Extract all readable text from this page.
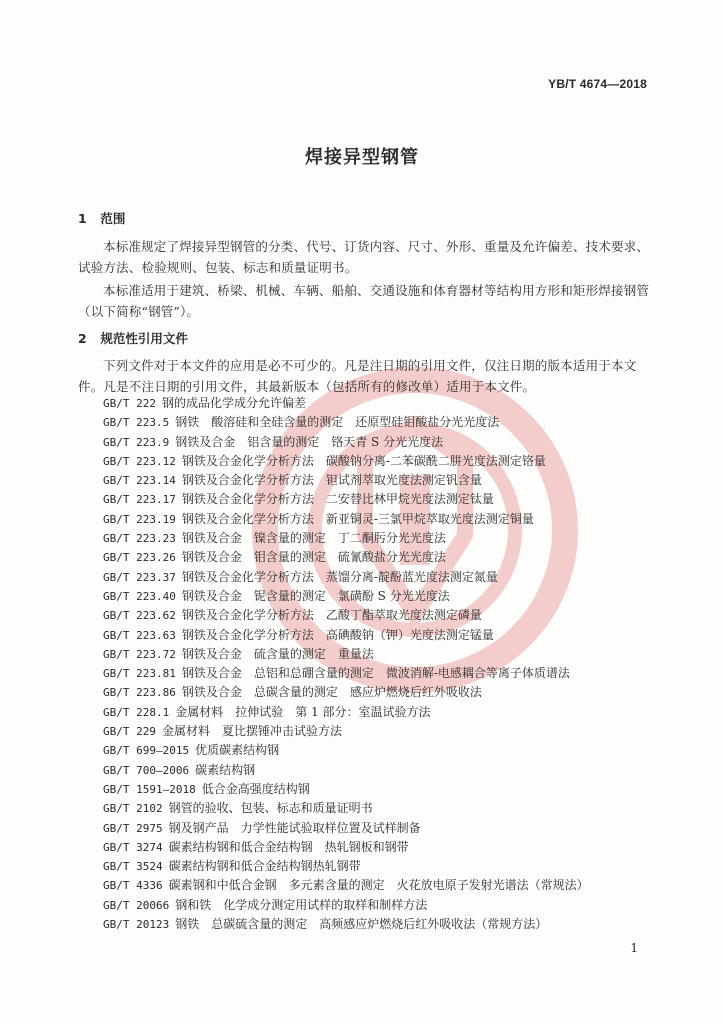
YB/T 4674—2018
焊接异型钢管
1 范围
本标准规定了焊接异型钢管的分类、代号、订货内容、尺寸、外形、重量及允许偏差、技术要求、试验方法、检验规则、包装、标志和质量证明书。
本标准适用于建筑、桥梁、机械、车辆、船舶、交通设施和体育器材等结构用方形和矩形焊接钢管（以下简称“钢管”）。
2 规范性引用文件
下列文件对于本文件的应用是必不可少的。凡是注日期的引用文件，仅注日期的版本适用于本文件。凡是不注日期的引用文件，其最新版本（包括所有的修改单）适用于本文件。
GB/T 222 钢的成品化学成分允许偏差
GB/T 223.5 钢铁　酸溶硅和全硅含量的测定　还原型硅钼酸盐分光光度法
GB/T 223.9 钢铁及合金　铝含量的测定　铬天青 S 分光光度法
GB/T 223.12 钢铁及合金化学分析方法　碳酸钠分离-二苯碳酰二肼光度法测定铬量
GB/T 223.14 钢铁及合金化学分析方法　钽试剂萃取光度法测定钒含量
GB/T 223.17 钢铁及合金化学分析方法　二安替比林甲烷光度法测定钛量
GB/T 223.19 钢铁及合金化学分析方法　新亚铜灵-三氯甲烷萃取光度法测定铜量
GB/T 223.23 钢铁及合金　镍含量的测定　丁二酮肟分光光度法
GB/T 223.26 钢铁及合金　钼含量的测定　硫氰酸盐分光光度法
GB/T 223.37 钢铁及合金化学分析方法　蒸馏分离-靛酚蓝光度法测定氮量
GB/T 223.40 钢铁及合金　铌含量的测定　氯磺酚 S 分光光度法
GB/T 223.62 钢铁及合金化学分析方法　乙酸丁酯萃取光度法测定磷量
GB/T 223.63 钢铁及合金化学分析方法　高碘酸钠（钾）光度法测定锰量
GB/T 223.72 钢铁及合金　硫含量的测定　重量法
GB/T 223.81 钢铁及合金　总铝和总硼含量的测定　微波消解-电感耦合等离子体质谱法
GB/T 223.86 钢铁及合金　总碳含量的测定　感应炉燃烧后红外吸收法
GB/T 228.1 金属材料　拉伸试验　第 1 部分：室温试验方法
GB/T 229 金属材料　夏比摆锤冲击试验方法
GB/T 699—2015 优质碳素结构钢
GB/T 700—2006 碳素结构钢
GB/T 1591—2018 低合金高强度结构钢
GB/T 2102 钢管的验收、包装、标志和质量证明书
GB/T 2975 钢及钢产品　力学性能试验取样位置及试样制备
GB/T 3274 碳素结构钢和低合金结构钢　热轧钢板和钢带
GB/T 3524 碳素结构钢和低合金结构钢热轧钢带
GB/T 4336 碳素钢和中低合金钢　多元素含量的测定　火花放电原子发射光谱法（常规法）
GB/T 20066 钢和铁　化学成分测定用试样的取样和制样方法
GB/T 20123 钢铁　总碳硫含量的测定　高频感应炉燃烧后红外吸收法（常规方法）
1
